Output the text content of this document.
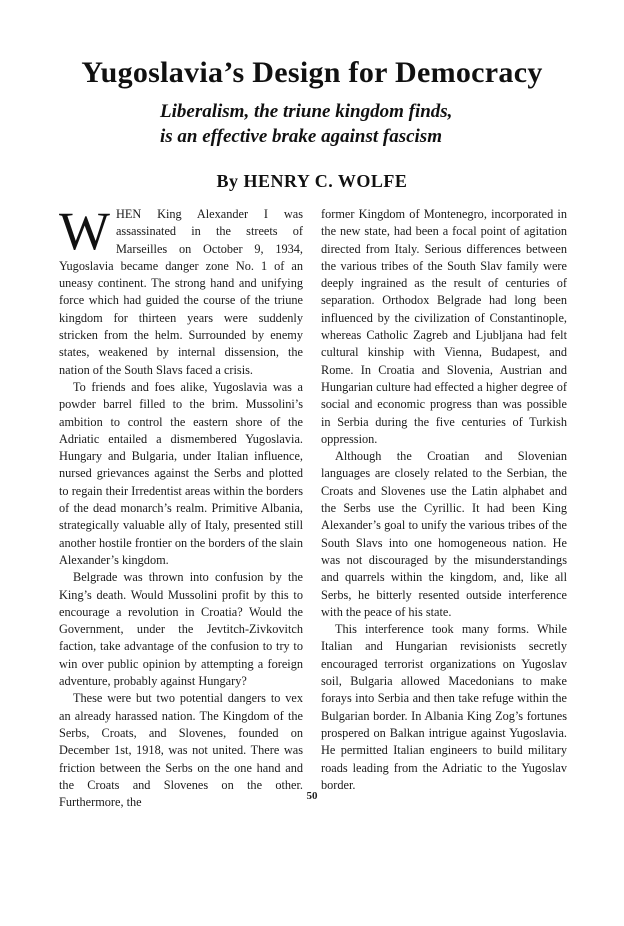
Yugoslavia’s Design for Democracy
Liberalism, the triune kingdom finds,
is an effective brake against fascism
By HENRY C. WOLFE

WHEN King Alexander I was assassinated in the streets of Marseilles on October 9, 1934, Yugoslavia became danger zone No. 1 of an uneasy continent. The strong hand and unifying force which had guided the course of the triune kingdom for thirteen years were suddenly stricken from the helm. Surrounded by enemy states, weakened by internal dissension, the nation of the South Slavs faced a crisis.

To friends and foes alike, Yugoslavia was a powder barrel filled to the brim. Mussolini’s ambition to control the eastern shore of the Adriatic entailed a dismembered Yugoslavia. Hungary and Bulgaria, under Italian influence, nursed grievances against the Serbs and plotted to regain their Irredentist areas within the borders of the dead monarch’s realm. Primitive Albania, strategically valuable ally of Italy, presented still another hostile frontier on the borders of the slain Alexander’s kingdom.

Belgrade was thrown into confusion by the King’s death. Would Mussolini profit by this to encourage a revolution in Croatia? Would the Government, under the Jevtitch-Zivkovitch faction, take advantage of the confusion to try to win over public opinion by attempting a foreign adventure, probably against Hungary?

These were but two potential dangers to vex an already harassed nation. The Kingdom of the Serbs, Croats, and Slovenes, founded on December 1st, 1918, was not united. There was friction between the Serbs on the one hand and the Croats and Slovenes on the other. Furthermore, the

former Kingdom of Montenegro, incorporated in the new state, had been a focal point of agitation directed from Italy. Serious differences between the various tribes of the South Slav family were deeply ingrained as the result of centuries of separation. Orthodox Belgrade had long been influenced by the civilization of Constantinople, whereas Catholic Zagreb and Ljubljana had felt cultural kinship with Vienna, Budapest, and Rome. In Croatia and Slovenia, Austrian and Hungarian culture had effected a higher degree of social and economic progress than was possible in Serbia during the five centuries of Turkish oppression.

Although the Croatian and Slovenian languages are closely related to the Serbian, the Croats and Slovenes use the Latin alphabet and the Serbs use the Cyrillic. It had been King Alexander’s goal to unify the various tribes of the South Slavs into one homogeneous nation. He was not discouraged by the misunderstandings and quarrels within the kingdom, and, like all Serbs, he bitterly resented outside interference with the peace of his state.

This interference took many forms. While Italian and Hungarian revisionists secretly encouraged terrorist organizations on Yugoslav soil, Bulgaria allowed Macedonians to make forays into Serbia and then take refuge within the Bulgarian border. In Albania King Zog’s fortunes prospered on Balkan intrigue against Yugoslavia. He permitted Italian engineers to build military roads leading from the Adriatic to the Yugoslav border.

50
